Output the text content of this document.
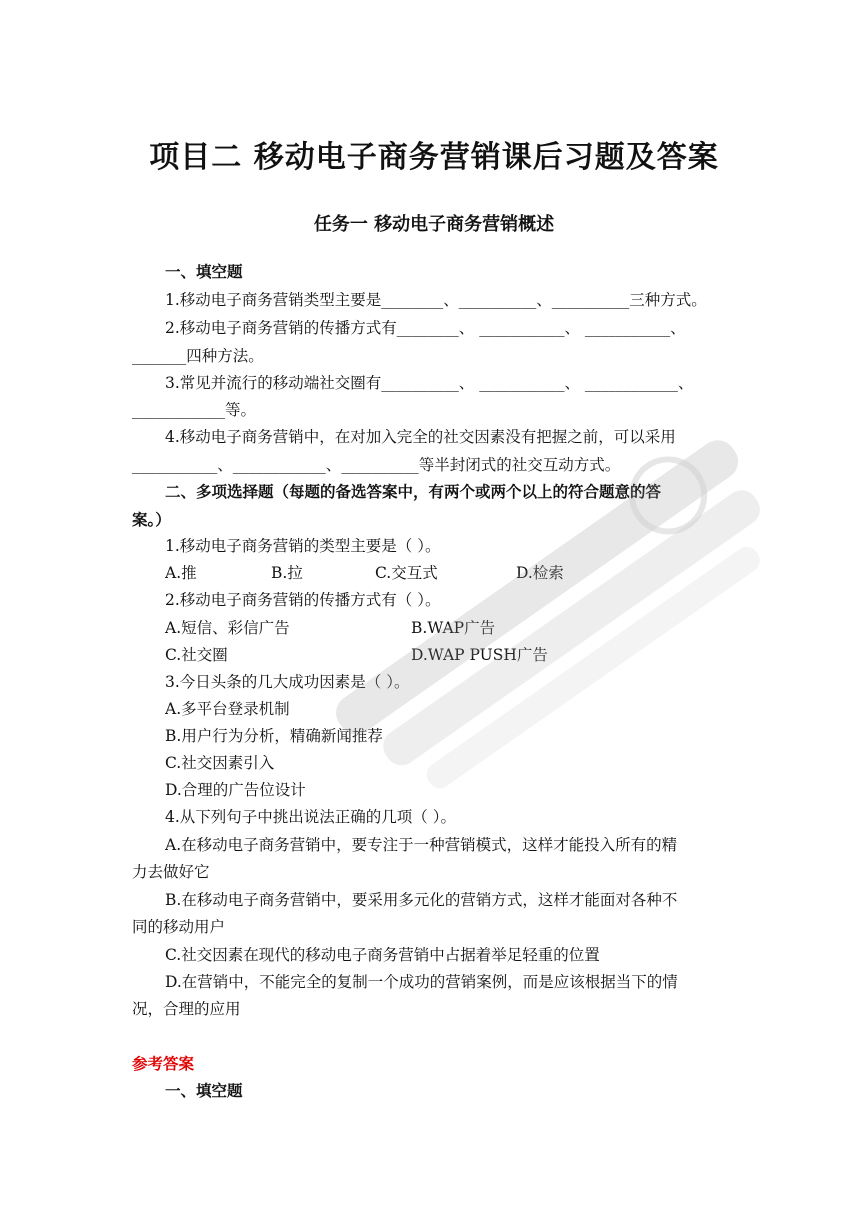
项目二 移动电子商务营销课后习题及答案
任务一 移动电子商务营销概述
一、填空题
1.移动电子商务营销类型主要是________、__________、__________三种方式。
2.移动电子商务营销的传播方式有________、 ___________、 ___________、
_______四种方法。
3.常见并流行的移动端社交圈有__________、 ___________、 ____________、
____________等。
4.移动电子商务营销中，在对加入完全的社交因素没有把握之前，可以采用
___________、____________、__________等半封闭式的社交互动方式。
二、多项选择题（每题的备选答案中，有两个或两个以上的符合题意的答
案。）
1.移动电子商务营销的类型主要是（ ）。
A.推	B.拉	C.交互式	D.检索
2.移动电子商务营销的传播方式有（ ）。
A.短信、彩信广告	B.WAP广告
C.社交圈	D.WAP PUSH广告
3.今日头条的几大成功因素是（ ）。
A.多平台登录机制
B.用户行为分析，精确新闻推荐
C.社交因素引入
D.合理的广告位设计
4.从下列句子中挑出说法正确的几项（ ）。
A.在移动电子商务营销中，要专注于一种营销模式，这样才能投入所有的精
力去做好它
B.在移动电子商务营销中，要采用多元化的营销方式，这样才能面对各种不
同的移动用户
C.社交因素在现代的移动电子商务营销中占据着举足轻重的位置
D.在营销中，不能完全的复制一个成功的营销案例，而是应该根据当下的情
况，合理的应用
参考答案
一、填空题
